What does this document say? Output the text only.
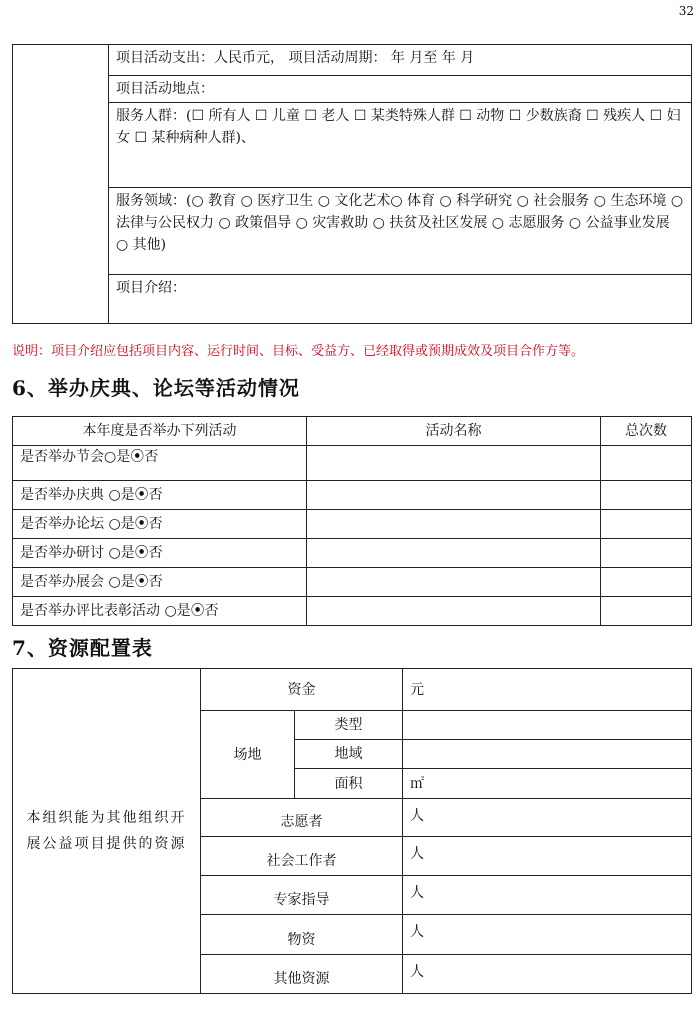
32
	项目活动支出：人民币元， 项目活动周期： 年 月至 年 月
项目活动地点：
服务人群：(☐ 所有人 ☐ 儿童 ☐ 老人 ☐ 某类特殊人群 ☐ 动物 ☐ 少数族裔 ☐ 残疾人 ☐ 妇女 ☐ 某种病种人群)、
服务领域：(○ 教育 ○ 医疗卫生 ○ 文化艺术○ 体育 ○ 科学研究 ○ 社会服务 ○ 生态环境 ○ 法律与公民权力 ○ 政策倡导 ○ 灾害救助 ○ 扶贫及社区发展 ○ 志愿服务 ○ 公益事业发展 ○ 其他)
项目介绍：
说明：项目介绍应包括项目内容、运行时间、目标、受益方、已经取得或预期成效及项目合作方等。
6、举办庆典、论坛等活动情况
本年度是否举办下列活动	活动名称	总次数
是否举办节会○是⦿否		
是否举办庆典 ○是⦿否		
是否举办论坛 ○是⦿否		
是否举办研讨 ○是⦿否		
是否举办展会 ○是⦿否		
是否举办评比表彰活动 ○是⦿否		
7、资源配置表
本组织能为其他组织开展公益项目提供的资源	资金		元
	场地	类型	
		地域	
		面积	㎡
	志愿者		人
	社会工作者		人
	专家指导		人
	物资		人
	其他资源		人
